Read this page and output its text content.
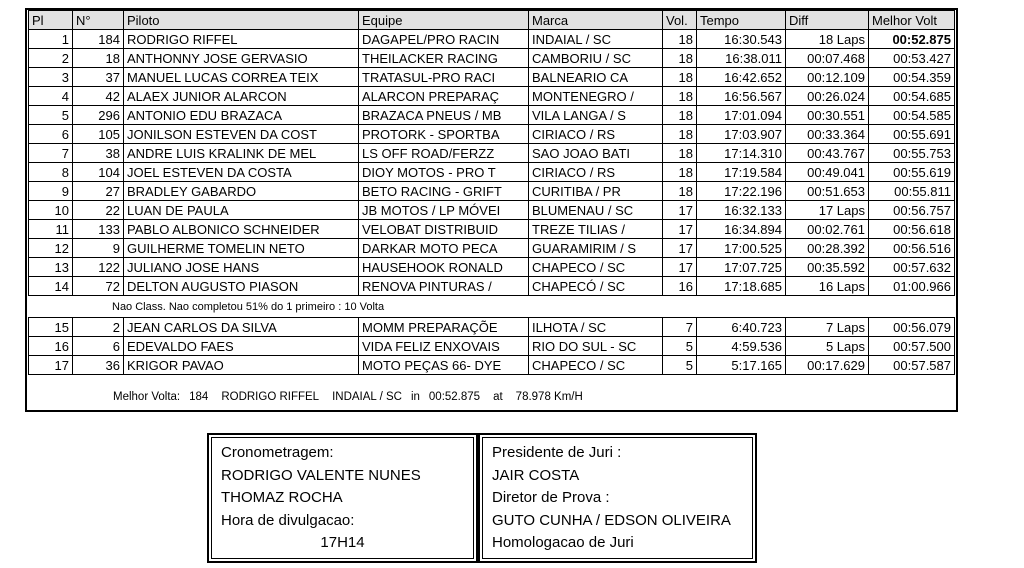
Pl	N°	Piloto	Equipe	Marca	Vol.	Tempo	Diff	Melhor Volt
1	184	RODRIGO RIFFEL	DAGAPEL/PRO RACIN	INDAIAL / SC	18	16:30.543	18 Laps	00:52.875
2	18	ANTHONNY JOSE GERVASIO	THEILACKER RACING	CAMBORIU / SC	18	16:38.011	00:07.468	00:53.427
3	37	MANUEL LUCAS CORREA TEIX	TRATASUL-PRO RACI	BALNEARIO CA	18	16:42.652	00:12.109	00:54.359
4	42	ALAEX JUNIOR ALARCON	ALARCON PREPARAÇ	MONTENEGRO /	18	16:56.567	00:26.024	00:54.685
5	296	ANTONIO EDU BRAZACA	BRAZACA PNEUS / MB	VILA LANGA / S	18	17:01.094	00:30.551	00:54.585
6	105	JONILSON ESTEVEN DA COST	PROTORK - SPORTBA	CIRIACO / RS	18	17:03.907	00:33.364	00:55.691
7	38	ANDRE LUIS KRALINK DE MEL	LS OFF ROAD/FERZZ	SAO JOAO BATI	18	17:14.310	00:43.767	00:55.753
8	104	JOEL ESTEVEN DA COSTA	DIOY MOTOS - PRO T	CIRIACO / RS	18	17:19.584	00:49.041	00:55.619
9	27	BRADLEY GABARDO	BETO RACING - GRIFT	CURITIBA / PR	18	17:22.196	00:51.653	00:55.811
10	22	LUAN DE PAULA	JB MOTOS / LP MÓVEI	BLUMENAU / SC	17	16:32.133	17 Laps	00:56.757
11	133	PABLO ALBONICO SCHNEIDER	VELOBAT DISTRIBUID	TREZE TILIAS /	17	16:34.894	00:02.761	00:56.618
12	9	GUILHERME TOMELIN NETO	DARKAR MOTO PECA	GUARAMIRIM / S	17	17:00.525	00:28.392	00:56.516
13	122	JULIANO JOSE HANS	HAUSEHOOK RONALD	CHAPECO / SC	17	17:07.725	00:35.592	00:57.632
14	72	DELTON AUGUSTO PIASON	RENOVA PINTURAS /	CHAPECÓ / SC	16	17:18.685	16 Laps	01:00.966
Nao Class. Nao completou 51% do 1 primeiro : 10 Volta
15	2	JEAN CARLOS DA SILVA	MOMM PREPARAÇÕE	ILHOTA / SC	7	6:40.723	7 Laps	00:56.079
16	6	EDEVALDO FAES	VIDA FELIZ ENXOVAIS	RIO DO SUL - SC	5	4:59.536	5 Laps	00:57.500
17	36	KRIGOR PAVAO	MOTO PEÇAS 66- DYE	CHAPECO / SC	5	5:17.165	00:17.629	00:57.587
Melhor Volta: 184 RODRIGO RIFFEL INDAIAL / SC in 00:52.875 at 78.978 Km/H
Cronometragem:
RODRIGO VALENTE NUNES
THOMAZ ROCHA
Hora de divulgacao:
17H14
Presidente de Juri :
JAIR COSTA
Diretor de Prova :
GUTO CUNHA / EDSON OLIVEIRA
Homologacao de Juri
